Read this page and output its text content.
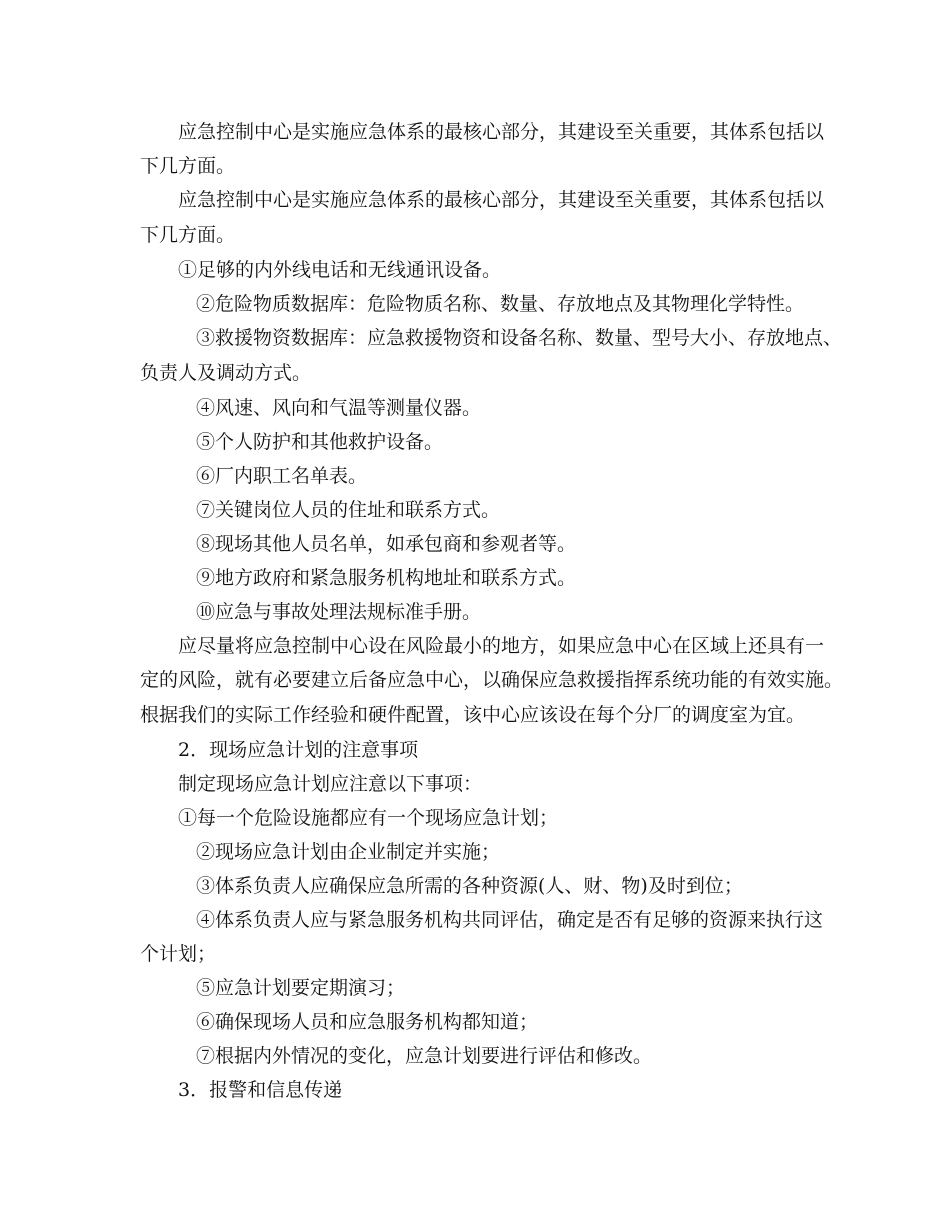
应急控制中心是实施应急体系的最核心部分，其建设至关重要，其体系包括以
下几方面。
应急控制中心是实施应急体系的最核心部分，其建设至关重要，其体系包括以
下几方面。
①足够的内外线电话和无线通讯设备。
②危险物质数据库：危险物质名称、数量、存放地点及其物理化学特性。
③救援物资数据库：应急救援物资和设备名称、数量、型号大小、存放地点、
负责人及调动方式。
④风速、风向和气温等测量仪器。
⑤个人防护和其他救护设备。
⑥厂内职工名单表。
⑦关键岗位人员的住址和联系方式。
⑧现场其他人员名单，如承包商和参观者等。
⑨地方政府和紧急服务机构地址和联系方式。
⑩应急与事故处理法规标准手册。
应尽量将应急控制中心设在风险最小的地方，如果应急中心在区域上还具有一
定的风险，就有必要建立后备应急中心，以确保应急救援指挥系统功能的有效实施。
根据我们的实际工作经验和硬件配置，该中心应该设在每个分厂的调度室为宜。
2．现场应急计划的注意事项
制定现场应急计划应注意以下事项：
①每一个危险设施都应有一个现场应急计划；
②现场应急计划由企业制定并实施；
③体系负责人应确保应急所需的各种资源(人、财、物)及时到位；
④体系负责人应与紧急服务机构共同评估，确定是否有足够的资源来执行这
个计划；
⑤应急计划要定期演习；
⑥确保现场人员和应急服务机构都知道；
⑦根据内外情况的变化，应急计划要进行评估和修改。
3．报警和信息传递
